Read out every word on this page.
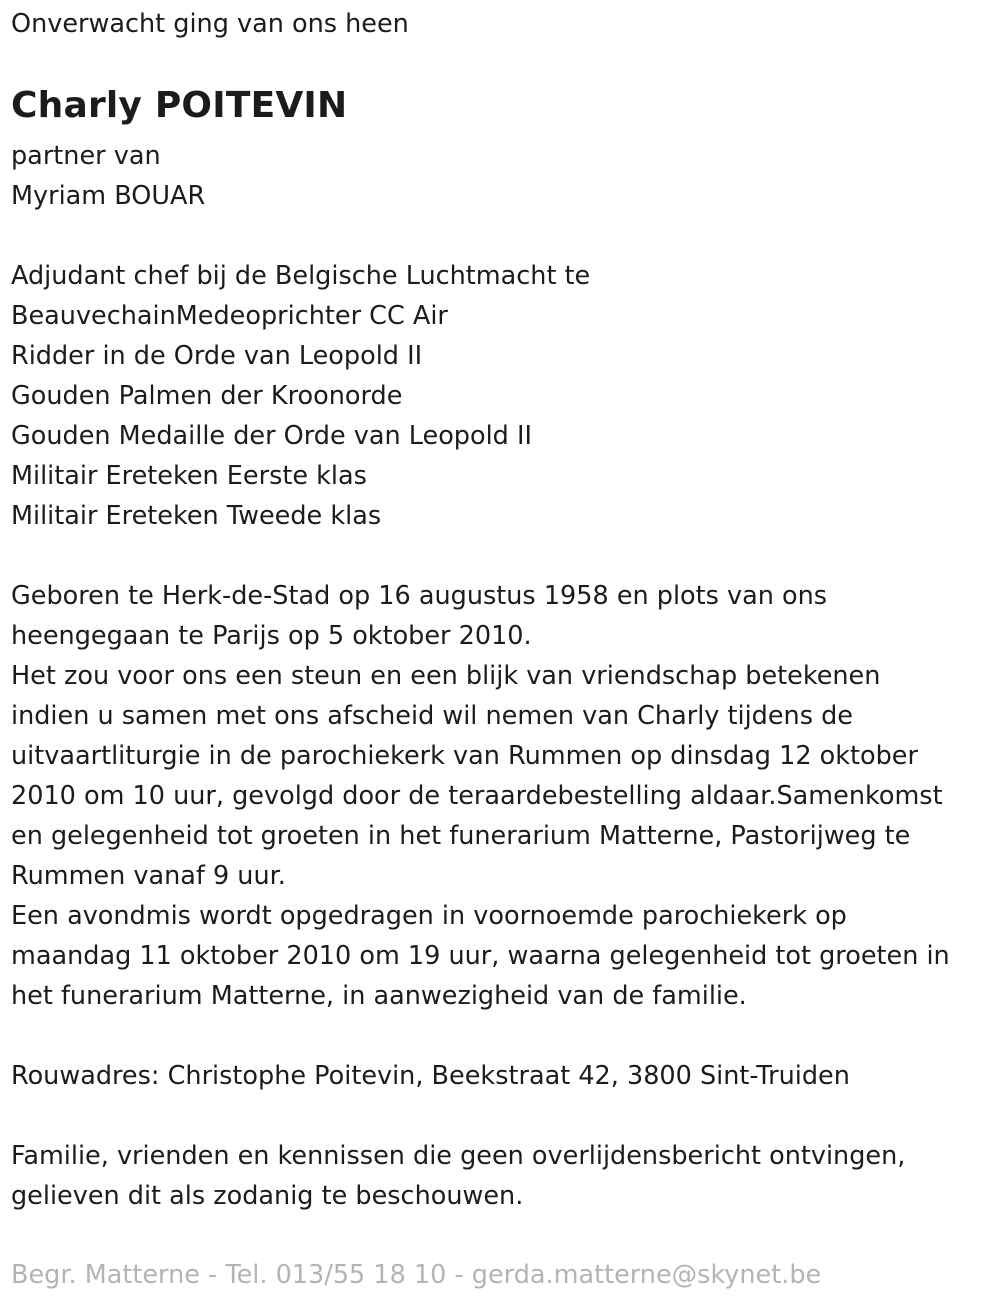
Onverwacht ging van ons heen
Charly POITEVIN
partner van
Myriam BOUAR
Adjudant chef bij de Belgische Luchtmacht te
BeauvechainMedeoprichter CC Air
Ridder in de Orde van Leopold II
Gouden Palmen der Kroonorde
Gouden Medaille der Orde van Leopold II
Militair Ereteken Eerste klas
Militair Ereteken Tweede klas
Geboren te Herk-de-Stad op 16 augustus 1958 en plots van ons
heengegaan te Parijs op 5 oktober 2010.
Het zou voor ons een steun en een blijk van vriendschap betekenen
indien u samen met ons afscheid wil nemen van Charly tijdens de
uitvaartliturgie in de parochiekerk van Rummen op dinsdag 12 oktober
2010 om 10 uur, gevolgd door de teraardebestelling aldaar.Samenkomst
en gelegenheid tot groeten in het funerarium Matterne, Pastorijweg te
Rummen vanaf 9 uur.
Een avondmis wordt opgedragen in voornoemde parochiekerk op
maandag 11 oktober 2010 om 19 uur, waarna gelegenheid tot groeten in
het funerarium Matterne, in aanwezigheid van de familie.
Rouwadres: Christophe Poitevin, Beekstraat 42, 3800 Sint-Truiden
Familie, vrienden en kennissen die geen overlijdensbericht ontvingen,
gelieven dit als zodanig te beschouwen.
Begr. Matterne - Tel. 013/55 18 10 - gerda.matterne@skynet.be
